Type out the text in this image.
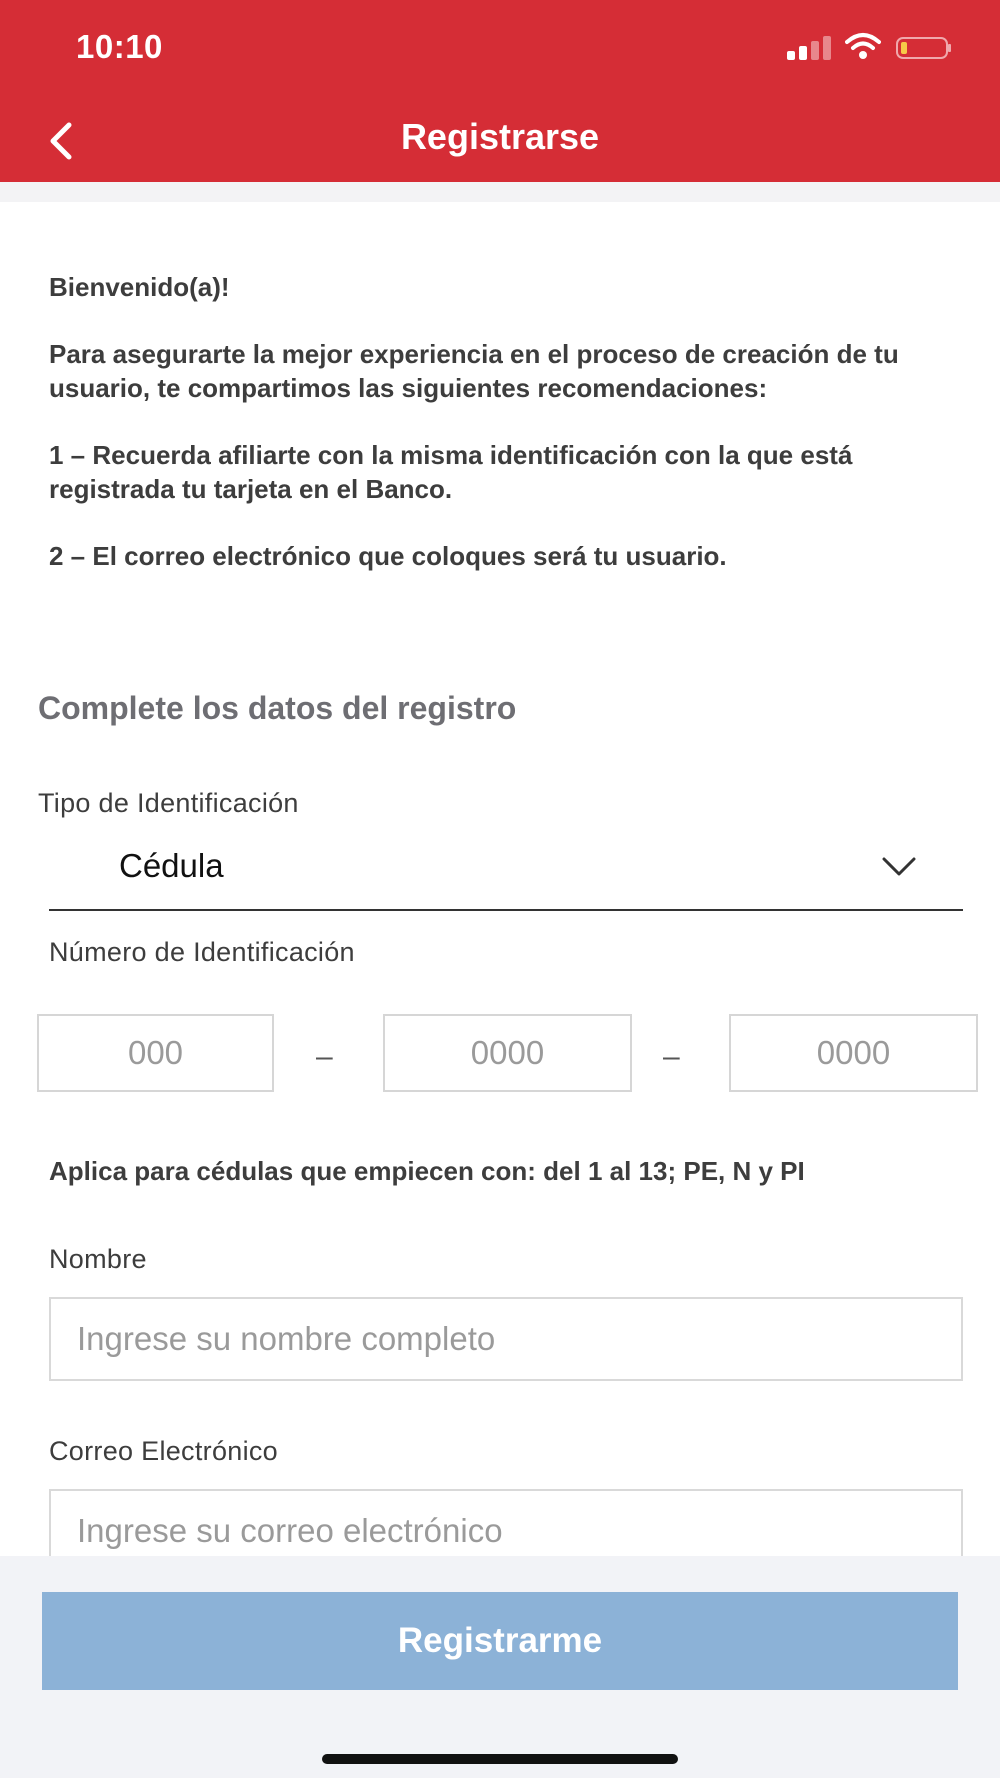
10:10
Registrarse

Bienvenido(a)!

Para asegurarte la mejor experiencia en el proceso de creación de tu usuario, te compartimos las siguientes recomendaciones:

1 – Recuerda afiliarte con la misma identificación con la que está registrada tu tarjeta en el Banco.

2 – El correo electrónico que coloques será tu usuario.

Complete los datos del registro
Tipo de Identificación
Cédula
Número de Identificación
000	–	0000	–	0000
Aplica para cédulas que empiecen con: del 1 al 13; PE, N y PI
Nombre
Ingrese su nombre completo
Correo Electrónico
Ingrese su correo electrónico
Registrarme
